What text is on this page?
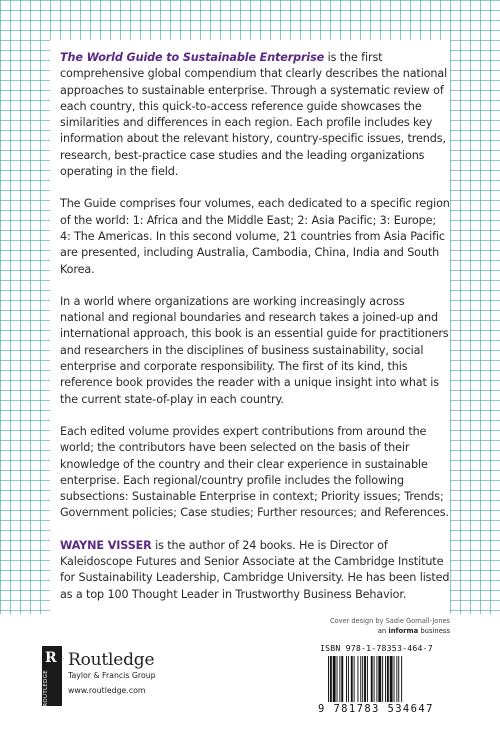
The World Guide to Sustainable Enterprise is the first comprehensive global compendium that clearly describes the national approaches to sustainable enterprise. Through a systematic review of each country, this quick-to-access reference guide showcases the similarities and differences in each region. Each profile includes key information about the relevant history, country-specific issues, trends, research, best-practice case studies and the leading organizations operating in the field.

The Guide comprises four volumes, each dedicated to a specific region of the world: 1: Africa and the Middle East; 2: Asia Pacific; 3: Europe; 4: The Americas. In this second volume, 21 countries from Asia Pacific are presented, including Australia, Cambodia, China, India and South Korea.

In a world where organizations are working increasingly across national and regional boundaries and research takes a joined-up and international approach, this book is an essential guide for practitioners and researchers in the disciplines of business sustainability, social enterprise and corporate responsibility. The first of its kind, this reference book provides the reader with a unique insight into what is the current state-of-play in each country.

Each edited volume provides expert contributions from around the world; the contributors have been selected on the basis of their knowledge of the country and their clear experience in sustainable enterprise. Each regional/country profile includes the following subsections: Sustainable Enterprise in context; Priority issues; Trends; Government policies; Case studies; Further resources; and References.

WAYNE VISSER is the author of 24 books. He is Director of Kaleidoscope Futures and Senior Associate at the Cambridge Institute for Sustainability Leadership, Cambridge University. He has been listed as a top 100 Thought Leader in Trustworthy Business Behavior.

Cover design by Sadie Gornall-Jones
an informa business
R
ROUTLEDGE
Routledge
Taylor & Francis Group
www.routledge.com
ISBN 978-1-78353-464-7
9 781783 534647
